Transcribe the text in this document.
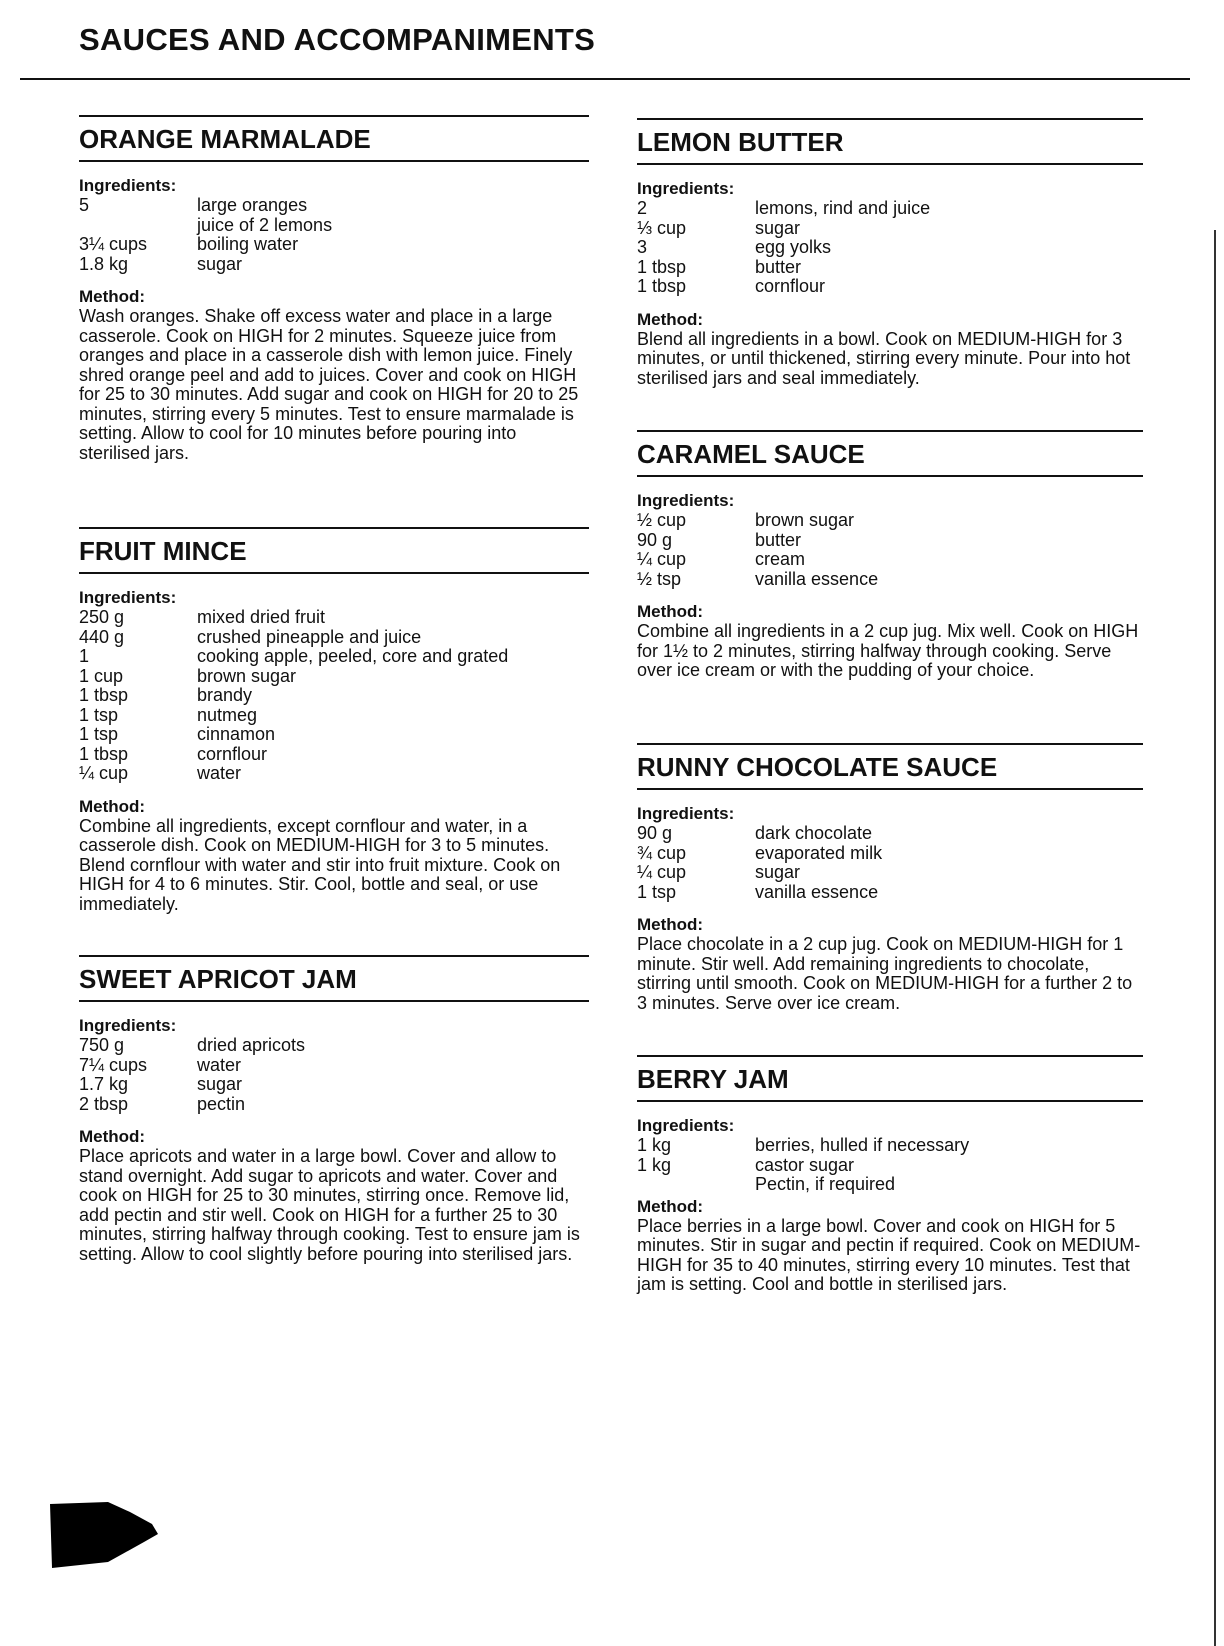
SAUCES AND ACCOMPANIMENTS
ORANGE MARMALADE
Ingredients:
5	large oranges
juice of 2 lemons
3¼ cups	boiling water
1.8 kg	sugar
Method:
Wash oranges. Shake off excess water and place in a large casserole. Cook on HIGH for 2 minutes. Squeeze juice from oranges and place in a casserole dish with lemon juice. Finely shred orange peel and add to juices. Cover and cook on HIGH for 25 to 30 minutes. Add sugar and cook on HIGH for 20 to 25 minutes, stirring every 5 minutes. Test to ensure marmalade is setting. Allow to cool for 10 minutes before pouring into sterilised jars.
FRUIT MINCE
Ingredients:
250 g	mixed dried fruit
440 g	crushed pineapple and juice
1	cooking apple, peeled, core and grated
1 cup	brown sugar
1 tbsp	brandy
1 tsp	nutmeg
1 tsp	cinnamon
1 tbsp	cornflour
¼ cup	water
Method:
Combine all ingredients, except cornflour and water, in a casserole dish. Cook on MEDIUM-HIGH for 3 to 5 minutes. Blend cornflour with water and stir into fruit mixture. Cook on HIGH for 4 to 6 minutes. Stir. Cool, bottle and seal, or use immediately.
SWEET APRICOT JAM
Ingredients:
750 g	dried apricots
7¼ cups	water
1.7 kg	sugar
2 tbsp	pectin
Method:
Place apricots and water in a large bowl. Cover and allow to stand overnight. Add sugar to apricots and water. Cover and cook on HIGH for 25 to 30 minutes, stirring once. Remove lid, add pectin and stir well. Cook on HIGH for a further 25 to 30 minutes, stirring halfway through cooking. Test to ensure jam is setting. Allow to cool slightly before pouring into sterilised jars.
LEMON BUTTER
Ingredients:
2	lemons, rind and juice
⅓ cup	sugar
3	egg yolks
1 tbsp	butter
1 tbsp	cornflour
Method:
Blend all ingredients in a bowl. Cook on MEDIUM-HIGH for 3 minutes, or until thickened, stirring every minute. Pour into hot sterilised jars and seal immediately.
CARAMEL SAUCE
Ingredients:
½ cup	brown sugar
90 g	butter
¼ cup	cream
½ tsp	vanilla essence
Method:
Combine all ingredients in a 2 cup jug. Mix well. Cook on HIGH for 1½ to 2 minutes, stirring halfway through cooking. Serve over ice cream or with the pudding of your choice.
RUNNY CHOCOLATE SAUCE
Ingredients:
90 g	dark chocolate
¾ cup	evaporated milk
¼ cup	sugar
1 tsp	vanilla essence
Method:
Place chocolate in a 2 cup jug. Cook on MEDIUM-HIGH for 1 minute. Stir well. Add remaining ingredients to chocolate, stirring until smooth. Cook on MEDIUM-HIGH for a further 2 to 3 minutes. Serve over ice cream.
BERRY JAM
Ingredients:
1 kg	berries, hulled if necessary
1 kg	castor sugar
Pectin, if required
Method:
Place berries in a large bowl. Cover and cook on HIGH for 5 minutes. Stir in sugar and pectin if required. Cook on MEDIUM-HIGH for 35 to 40 minutes, stirring every 10 minutes. Test that jam is setting. Cool and bottle in sterilised jars.
